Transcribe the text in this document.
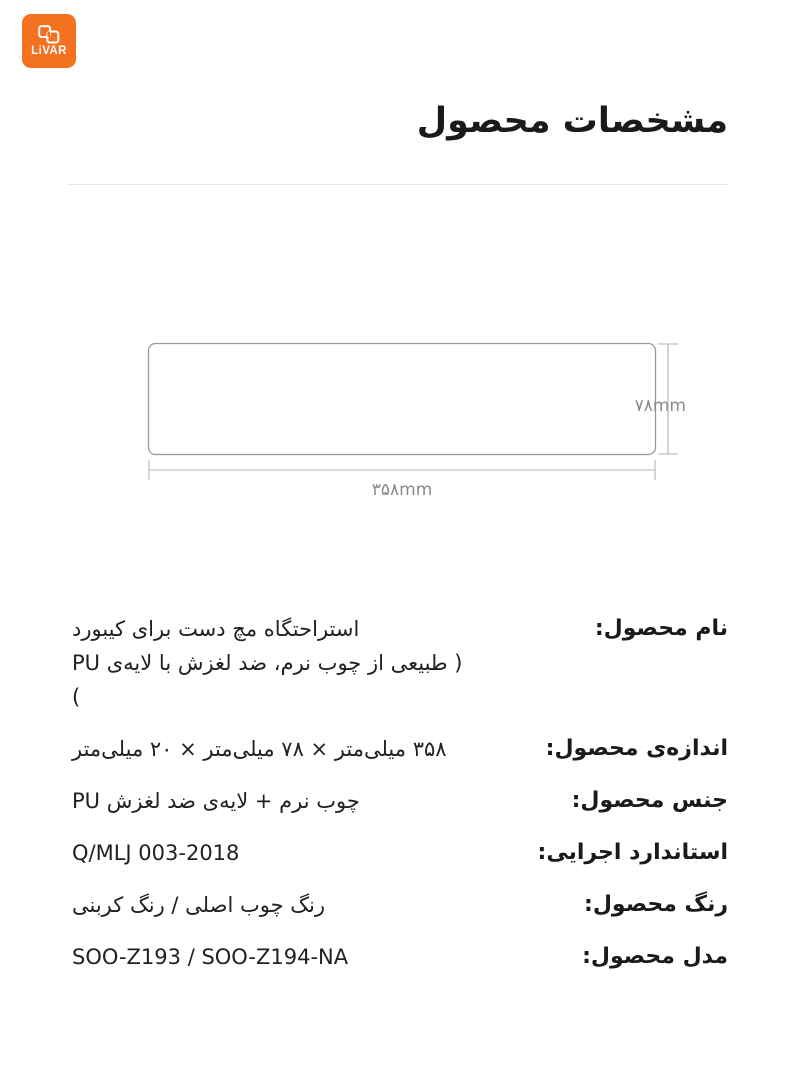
LiVAR
مشخصات محصول
۷۸mm
۳۵۸mm
نام محصول:
استراحتگاه مچ دست برای کیبورد
( طبیعی از چوب نرم، ضد لغزش با لایه‌ی PU )
اندازه‌ی محصول:
۳۵۸ میلی‌متر × ۷۸ میلی‌متر × ۲۰ میلی‌متر
جنس محصول:
چوب نرم + لایه‌ی ضد لغزش PU
استاندارد اجرایی:
Q/MLJ 003-2018
رنگ محصول:
رنگ چوب اصلی / رنگ کربنی
مدل محصول:
SOO-Z193 / SOO-Z194-NA
